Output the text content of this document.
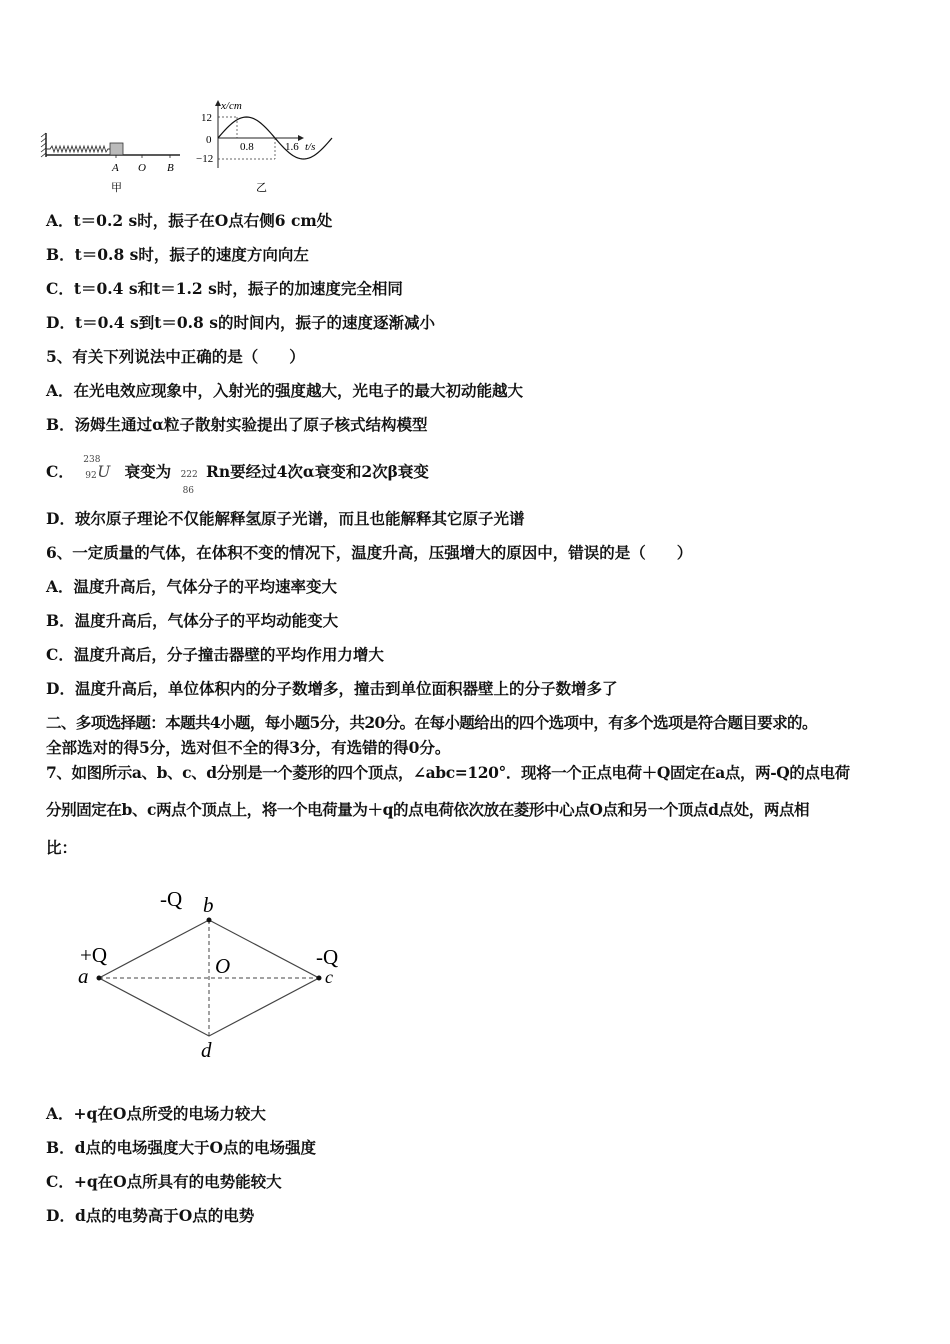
A O B
甲
x/cm
12
0
−12
0.8	1.6 t/s
乙
A．t＝0.2 s时，振子在O点右侧6 cm处
B．t＝0.8 s时，振子的速度方向向左
C．t＝0.4 s和t＝1.2 s时，振子的加速度完全相同
D．t＝0.4 s到t＝0.8 s的时间内，振子的速度逐渐减小
5、有关下列说法中正确的是（　　）
A．在光电效应现象中，入射光的强度越大，光电子的最大初动能越大
B．汤姆生通过α粒子散射实验提出了原子核式结构模型
C．
238
92 U 衰变为 222
86
Rn要经过4次α衰变和2次β衰变
D．玻尔原子理论不仅能解释氢原子光谱，而且也能解释其它原子光谱
6、一定质量的气体，在体积不变的情况下，温度升高，压强增大的原因中，错误的是（　　）
A．温度升高后，气体分子的平均速率变大
B．温度升高后，气体分子的平均动能变大
C．温度升高后，分子撞击器壁的平均作用力增大
D．温度升高后，单位体积内的分子数增多，撞击到单位面积器壁上的分子数增多了
二、多项选择题：本题共4小题，每小题5分，共20分。在每小题给出的四个选项中，有多个选项是符合题目要求的。
全部选对的得5分，选对但不全的得3分，有选错的得0分。
7、如图所示a、b、c、d分别是一个菱形的四个顶点，∠abc=120°．现将一个正点电荷＋Q固定在a点，两-Q的点电荷
分别固定在b、c两点个顶点上，将一个电荷量为＋q的点电荷依次放在菱形中心点O点和另一个顶点d点处，两点相
比：
-Q b
+Q
a	O	-Q
c
d
A．+q在O点所受的电场力较大
B．d点的电场强度大于O点的电场强度
C．+q在O点所具有的电势能较大
D．d点的电势高于O点的电势
